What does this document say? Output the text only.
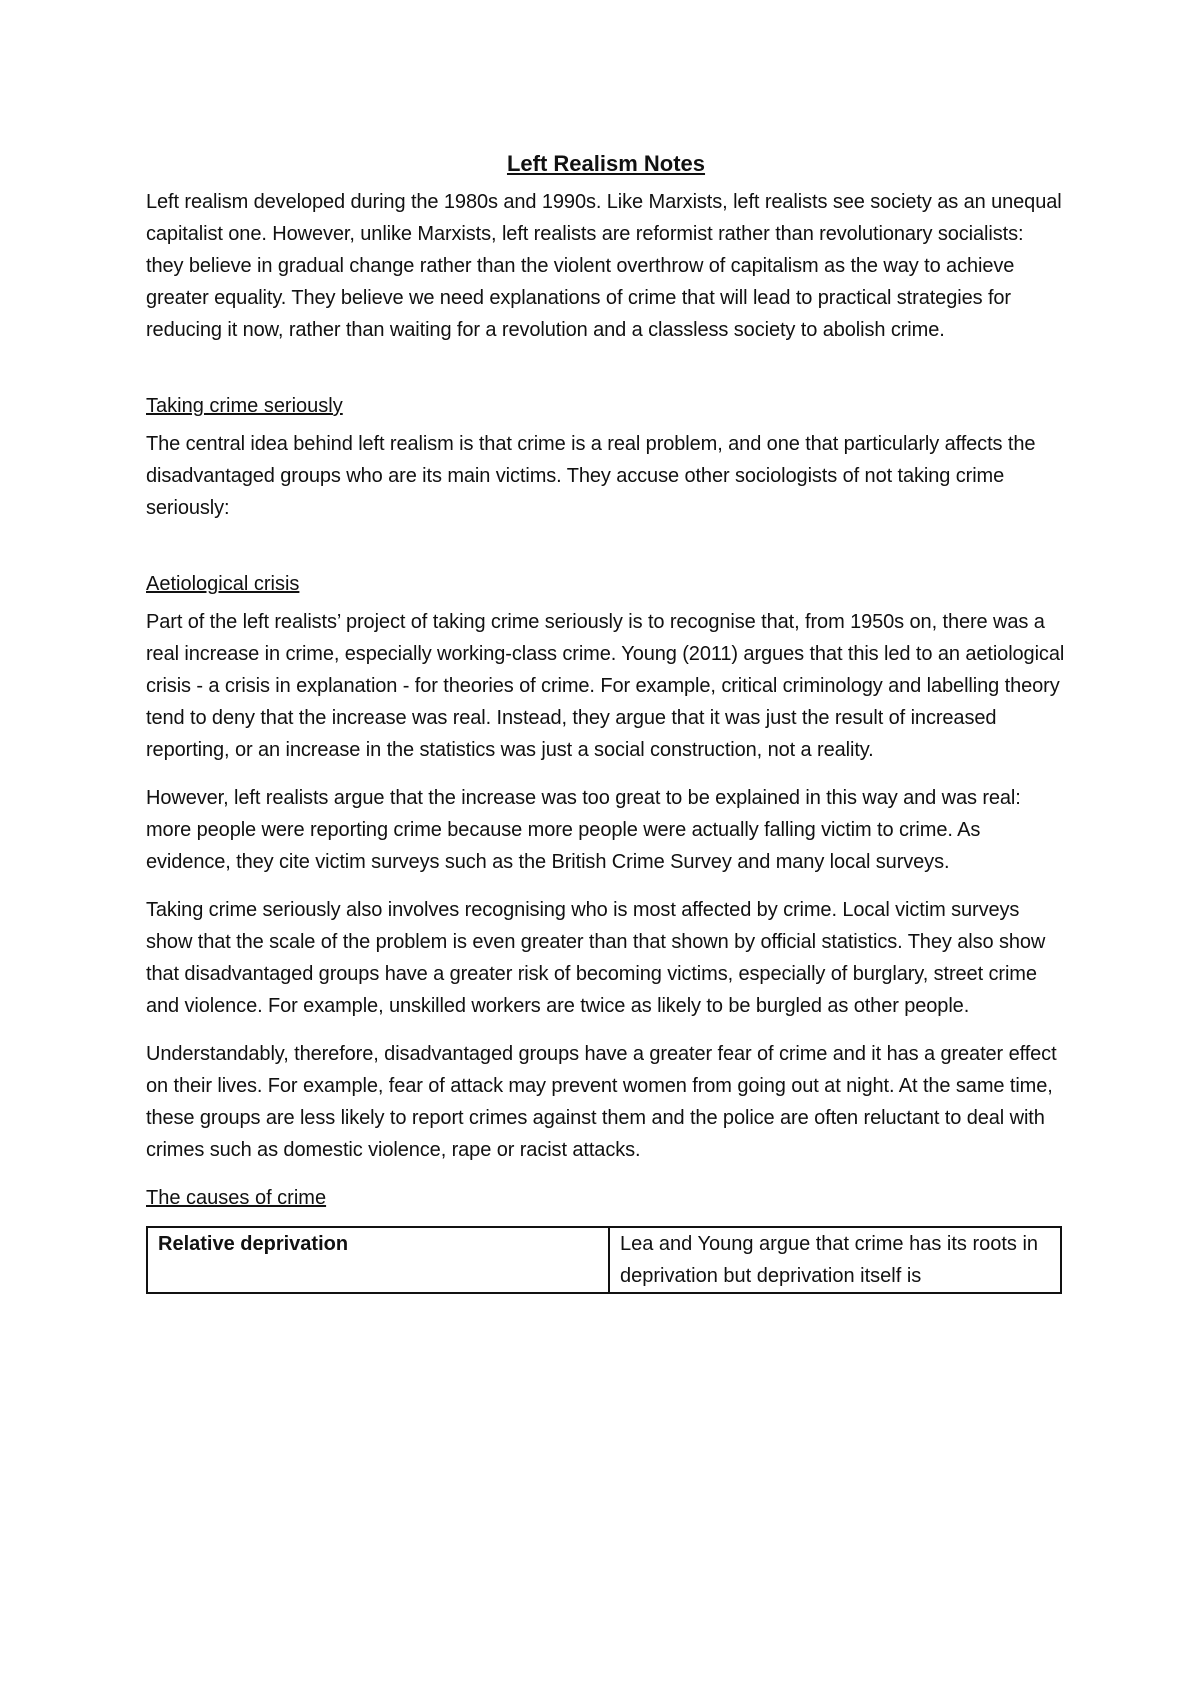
Left Realism Notes

Left realism developed during the 1980s and 1990s. Like Marxists, left realists see society as an unequal capitalist one. However, unlike Marxists, left realists are reformist rather than revolutionary socialists: they believe in gradual change rather than the violent overthrow of capitalism as the way to achieve greater equality. They believe we need explanations of crime that will lead to practical strategies for reducing it now, rather than waiting for a revolution and a classless society to abolish crime.

Taking crime seriously

The central idea behind left realism is that crime is a real problem, and one that particularly affects the disadvantaged groups who are its main victims. They accuse other sociologists of not taking crime seriously:

Aetiological crisis

Part of the left realists’ project of taking crime seriously is to recognise that, from 1950s on, there was a real increase in crime, especially working-class crime. Young (2011) argues that this led to an aetiological crisis - a crisis in explanation - for theories of crime. For example, critical criminology and labelling theory tend to deny that the increase was real. Instead, they argue that it was just the result of increased reporting, or an increase in the statistics was just a social construction, not a reality.

However, left realists argue that the increase was too great to be explained in this way and was real: more people were reporting crime because more people were actually falling victim to crime. As evidence, they cite victim surveys such as the British Crime Survey and many local surveys.

Taking crime seriously also involves recognising who is most affected by crime. Local victim surveys show that the scale of the problem is even greater than that shown by official statistics. They also show that disadvantaged groups have a greater risk of becoming victims, especially of burglary, street crime and violence. For example, unskilled workers are twice as likely to be burgled as other people.

Understandably, therefore, disadvantaged groups have a greater fear of crime and it has a greater effect on their lives. For example, fear of attack may prevent women from going out at night. At the same time, these groups are less likely to report crimes against them and the police are often reluctant to deal with crimes such as domestic violence, rape or racist attacks.

The causes of crime
Relative deprivation	Lea and Young argue that crime has its roots in deprivation but deprivation itself is
